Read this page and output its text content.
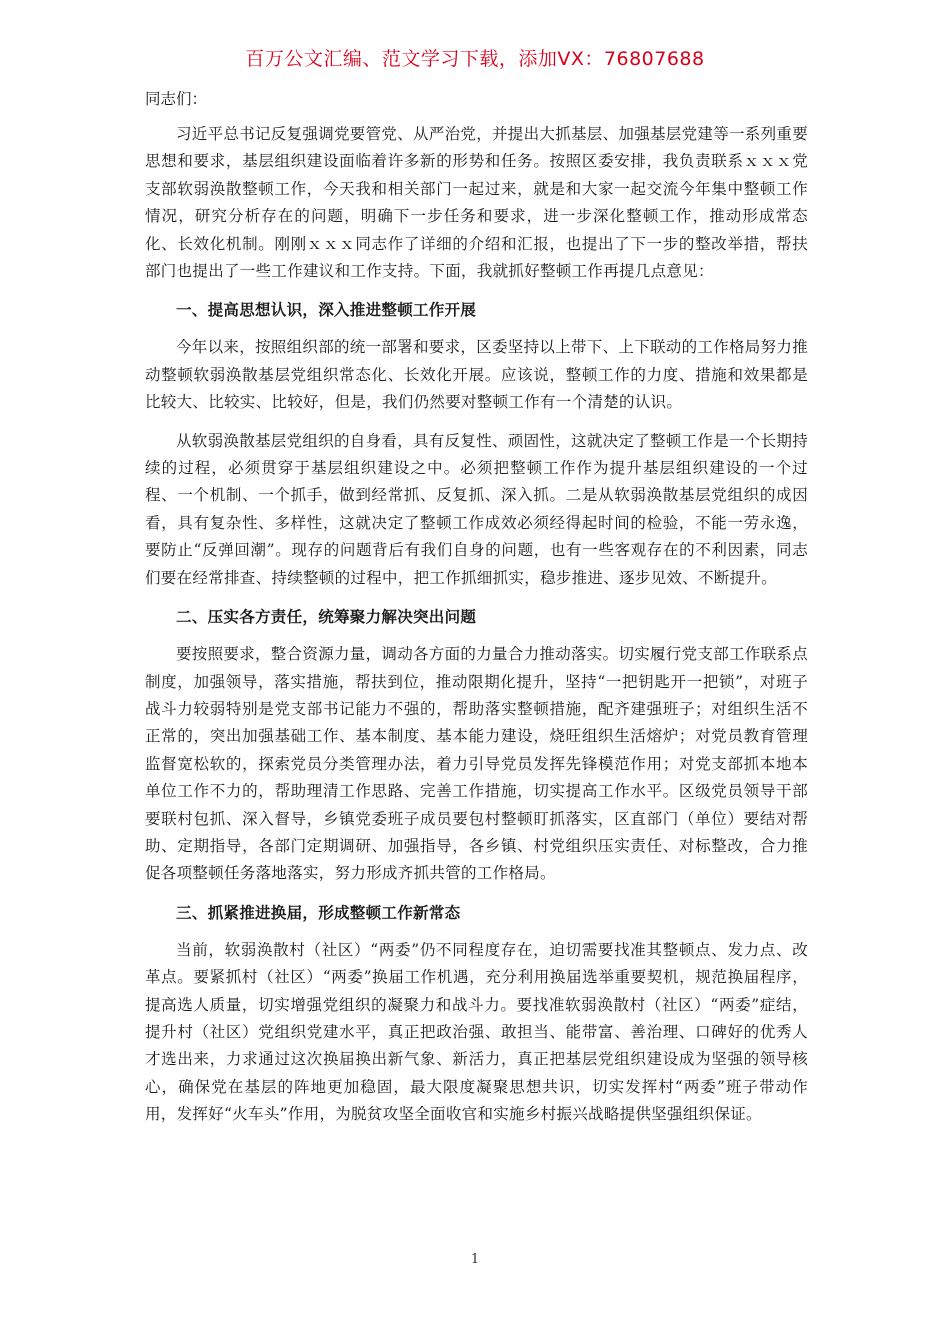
百万公文汇编、范文学习下载，添加VX：76807688

同志们：

习近平总书记反复强调党要管党、从严治党，并提出大抓基层、加强基层党建等一系列重要思想和要求，基层组织建设面临着许多新的形势和任务。按照区委安排，我负责联系ｘｘｘ党支部软弱涣散整顿工作，今天我和相关部门一起过来，就是和大家一起交流今年集中整顿工作情况，研究分析存在的问题，明确下一步任务和要求，进一步深化整顿工作，推动形成常态化、长效化机制。刚刚ｘｘｘ同志作了详细的介绍和汇报，也提出了下一步的整改举措，帮扶部门也提出了一些工作建议和工作支持。下面，我就抓好整顿工作再提几点意见：

一、提高思想认识，深入推进整顿工作开展

今年以来，按照组织部的统一部署和要求，区委坚持以上带下、上下联动的工作格局努力推动整顿软弱涣散基层党组织常态化、长效化开展。应该说，整顿工作的力度、措施和效果都是比较大、比较实、比较好，但是，我们仍然要对整顿工作有一个清楚的认识。

从软弱涣散基层党组织的自身看，具有反复性、顽固性，这就决定了整顿工作是一个长期持续的过程，必须贯穿于基层组织建设之中。必须把整顿工作作为提升基层组织建设的一个过程、一个机制、一个抓手，做到经常抓、反复抓、深入抓。二是从软弱涣散基层党组织的成因看，具有复杂性、多样性，这就决定了整顿工作成效必须经得起时间的检验，不能一劳永逸，要防止“反弹回潮”。现存的问题背后有我们自身的问题，也有一些客观存在的不利因素，同志们要在经常排查、持续整顿的过程中，把工作抓细抓实，稳步推进、逐步见效、不断提升。

二、压实各方责任，统筹聚力解决突出问题

要按照要求，整合资源力量，调动各方面的力量合力推动落实。切实履行党支部工作联系点制度，加强领导，落实措施，帮扶到位，推动限期化提升，坚持“一把钥匙开一把锁”，对班子战斗力较弱特别是党支部书记能力不强的，帮助落实整顿措施，配齐建强班子；对组织生活不正常的，突出加强基础工作、基本制度、基本能力建设，烧旺组织生活熔炉；对党员教育管理监督宽松软的，探索党员分类管理办法，着力引导党员发挥先锋模范作用；对党支部抓本地本单位工作不力的，帮助理清工作思路、完善工作措施，切实提高工作水平。区级党员领导干部要联村包抓、深入督导，乡镇党委班子成员要包村整顿盯抓落实，区直部门（单位）要结对帮助、定期指导，各部门定期调研、加强指导，各乡镇、村党组织压实责任、对标整改，合力推促各项整顿任务落地落实，努力形成齐抓共管的工作格局。

三、抓紧推进换届，形成整顿工作新常态

当前，软弱涣散村（社区）“两委”仍不同程度存在，迫切需要找准其整顿点、发力点、改革点。要紧抓村（社区）“两委”换届工作机遇，充分利用换届选举重要契机，规范换届程序，提高选人质量，切实增强党组织的凝聚力和战斗力。要找准软弱涣散村（社区）“两委”症结，提升村（社区）党组织党建水平，真正把政治强、敢担当、能带富、善治理、口碑好的优秀人才选出来，力求通过这次换届换出新气象、新活力，真正把基层党组织建设成为坚强的领导核心，确保党在基层的阵地更加稳固，最大限度凝聚思想共识，切实发挥村“两委”班子带动作用，发挥好“火车头”作用，为脱贫攻坚全面收官和实施乡村振兴战略提供坚强组织保证。

1
